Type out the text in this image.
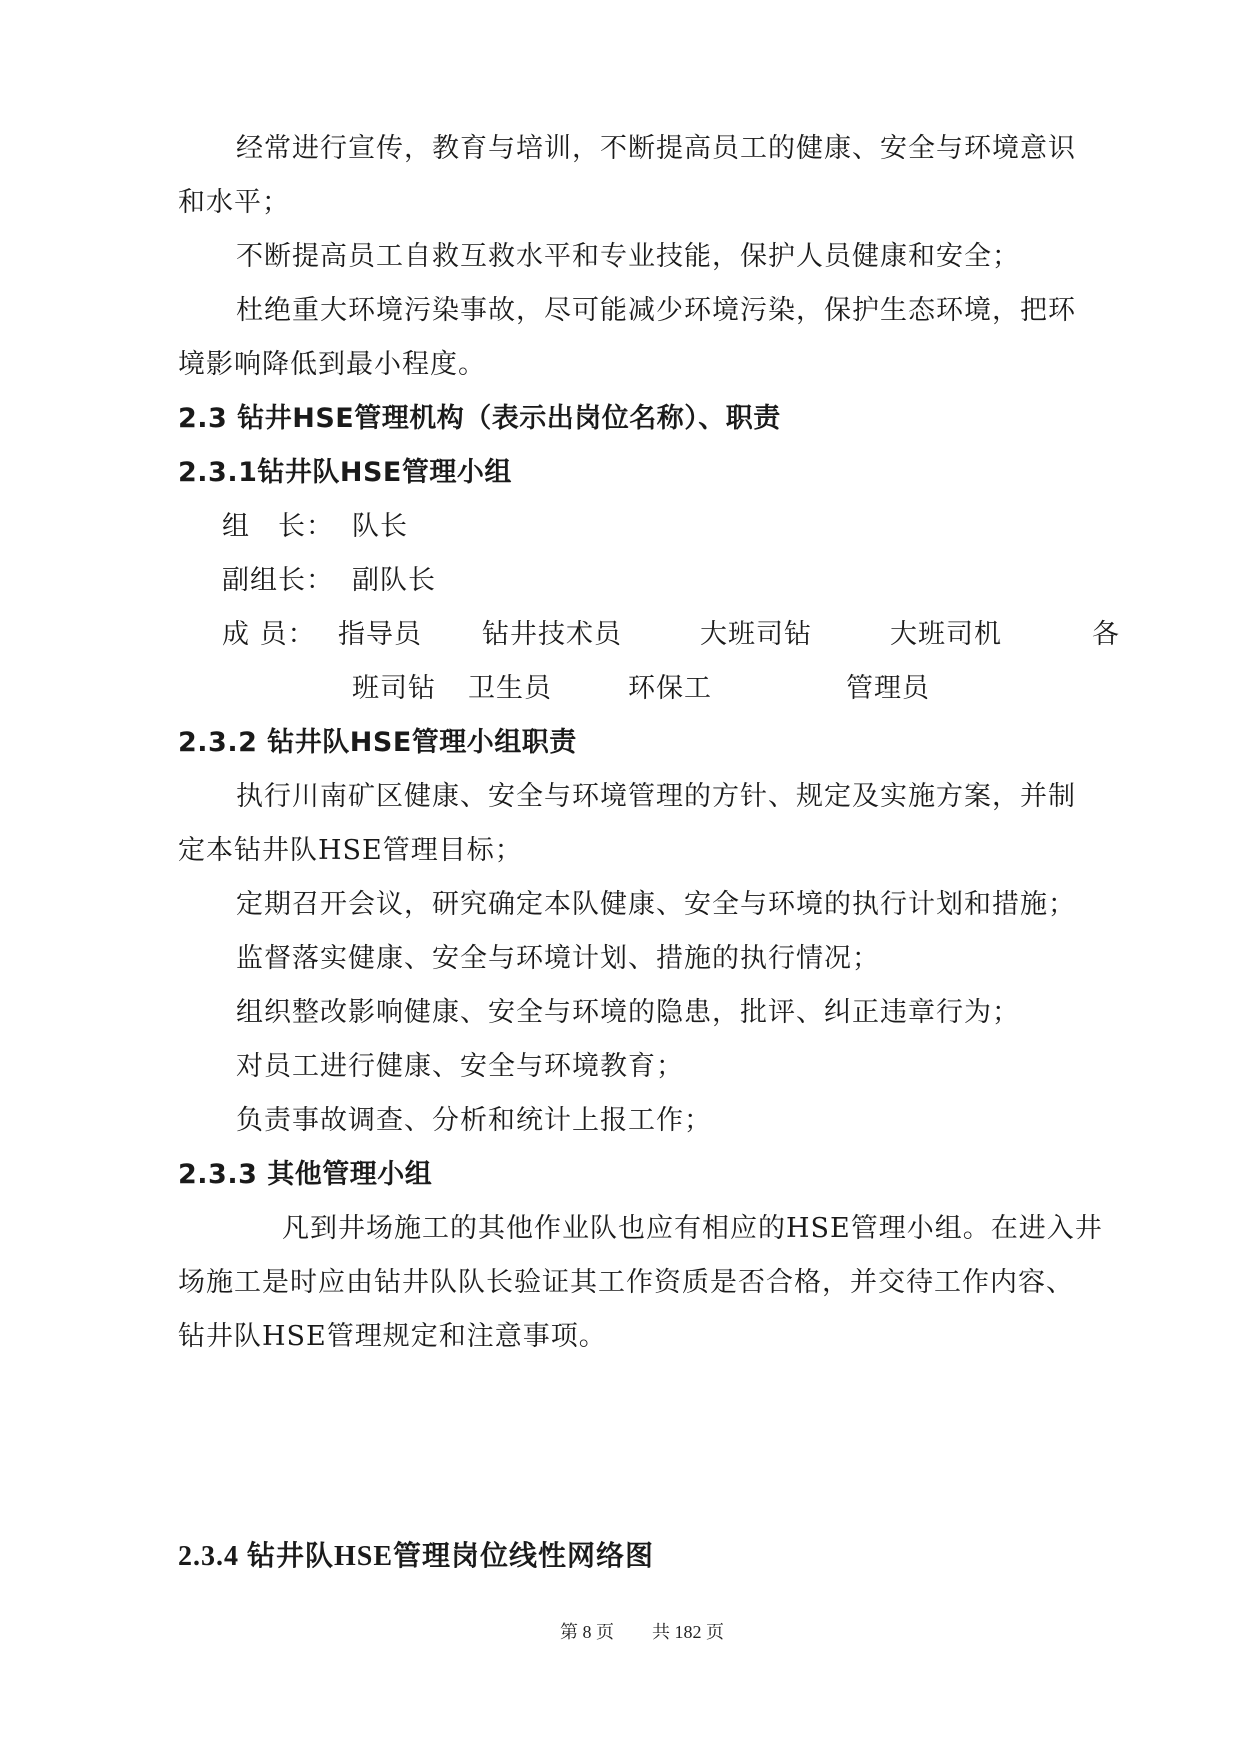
经常进行宣传，教育与培训，不断提高员工的健康、安全与环境意识
和水平；
不断提高员工自救互救水平和专业技能，保护人员健康和安全；
杜绝重大环境污染事故，尽可能减少环境污染，保护生态环境，把环
境影响降低到最小程度。
2.3 钻井HSE管理机构（表示出岗位名称）、职责
2.3.1钻井队HSE管理小组
组　长： 队长
副组长： 副队长
成 员： 指导员 钻井技术员	大班司钻	大班司机	各
班司钻 卫生员	环保工	管理员
2.3.2 钻井队HSE管理小组职责
执行川南矿区健康、安全与环境管理的方针、规定及实施方案，并制
定本钻井队HSE管理目标；
定期召开会议，研究确定本队健康、安全与环境的执行计划和措施；
监督落实健康、安全与环境计划、措施的执行情况；
组织整改影响健康、安全与环境的隐患，批评、纠正违章行为；
对员工进行健康、安全与环境教育；
负责事故调查、分析和统计上报工作；
2.3.3 其他管理小组
凡到井场施工的其他作业队也应有相应的HSE管理小组。在进入井
场施工是时应由钻井队队长验证其工作资质是否合格，并交待工作内容、
钻井队HSE管理规定和注意事项。
2.3.4 钻井队HSE管理岗位线性网络图
第 8 页 共 182 页
